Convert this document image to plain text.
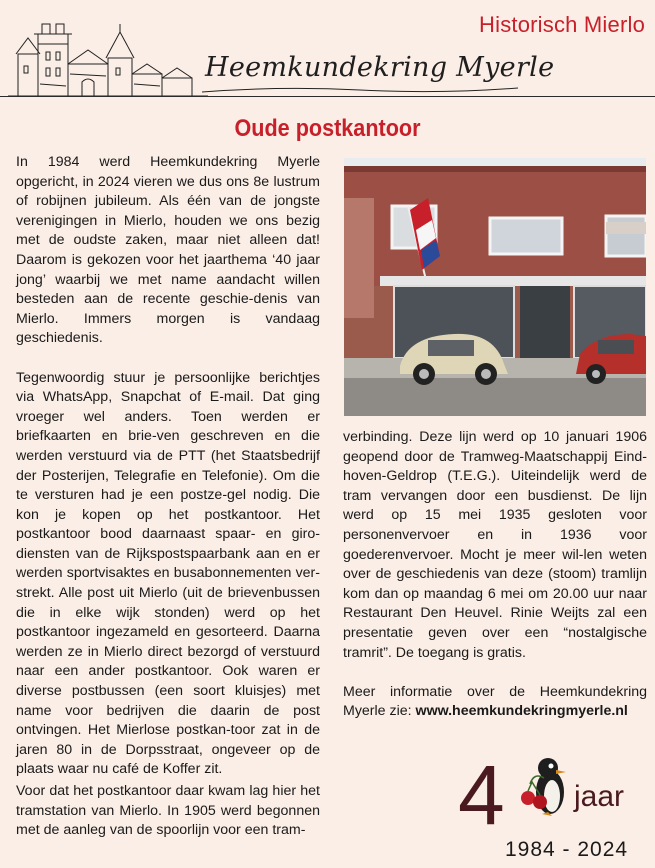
Historisch Mierlo
Heemkundekring Myerle
Oude postkantoor

In 1984 werd Heemkundekring Myerle opgericht, in 2024 vieren we dus ons 8e lustrum of robijnen jubileum. Als één van de jongste verenigingen in Mierlo, houden we ons bezig met de oudste zaken, maar niet alleen dat! Daarom is gekozen voor het jaarthema ‘40 jaar jong’ waarbij we met name aandacht willen besteden aan de recente geschie-denis van Mierlo. Immers morgen is vandaag geschiedenis.

Tegenwoordig stuur je persoonlijke berichtjes via WhatsApp, Snapchat of E-mail. Dat ging vroeger wel anders. Toen werden er briefkaarten en brie-ven geschreven en die werden verstuurd via de PTT (het Staatsbedrijf der Posterijen, Telegrafie en Telefonie). Om die te versturen had je een postze-gel nodig. Die kon je kopen op het postkantoor. Het postkantoor bood daarnaast spaar- en giro-diensten van de Rijkspostspaarbank aan en er werden sportvisaktes en busabonnementen ver-strekt. Alle post uit Mierlo (uit de brievenbussen die in elke wijk stonden) werd op het postkantoor ingezameld en gesorteerd. Daarna werden ze in Mierlo direct bezorgd of verstuurd naar een ander postkantoor. Ook waren er diverse postbussen (een soort kluisjes) met name voor bedrijven die daarin de post ontvingen. Het Mierlose postkan-toor zat in de jaren 80 in de Dorpsstraat, ongeveer op de plaats waar nu café de Koffer zit.

Voor dat het postkantoor daar kwam lag hier het tramstation van Mierlo. In 1905 werd begonnen met de aanleg van de spoorlijn voor een tram-

verbinding. Deze lijn werd op 10 januari 1906 geopend door de Tramweg-Maatschappij Eind-hoven-Geldrop (T.E.G.). Uiteindelijk werd de tram vervangen door een busdienst. De lijn werd op 15 mei 1935 gesloten voor personenvervoer en in 1936 voor goederenvervoer. Mocht je meer wil-len weten over de geschiedenis van deze (stoom) tramlijn kom dan op maandag 6 mei om 20.00 uur naar Restaurant Den Heuvel. Rinie Weijts zal een presentatie geven over een “nostalgische tramrit”. De toegang is gratis.

Meer informatie over de Heemkundekring Myerle zie: www.heemkundekringmyerle.nl

4 jaar
1984 - 2024
